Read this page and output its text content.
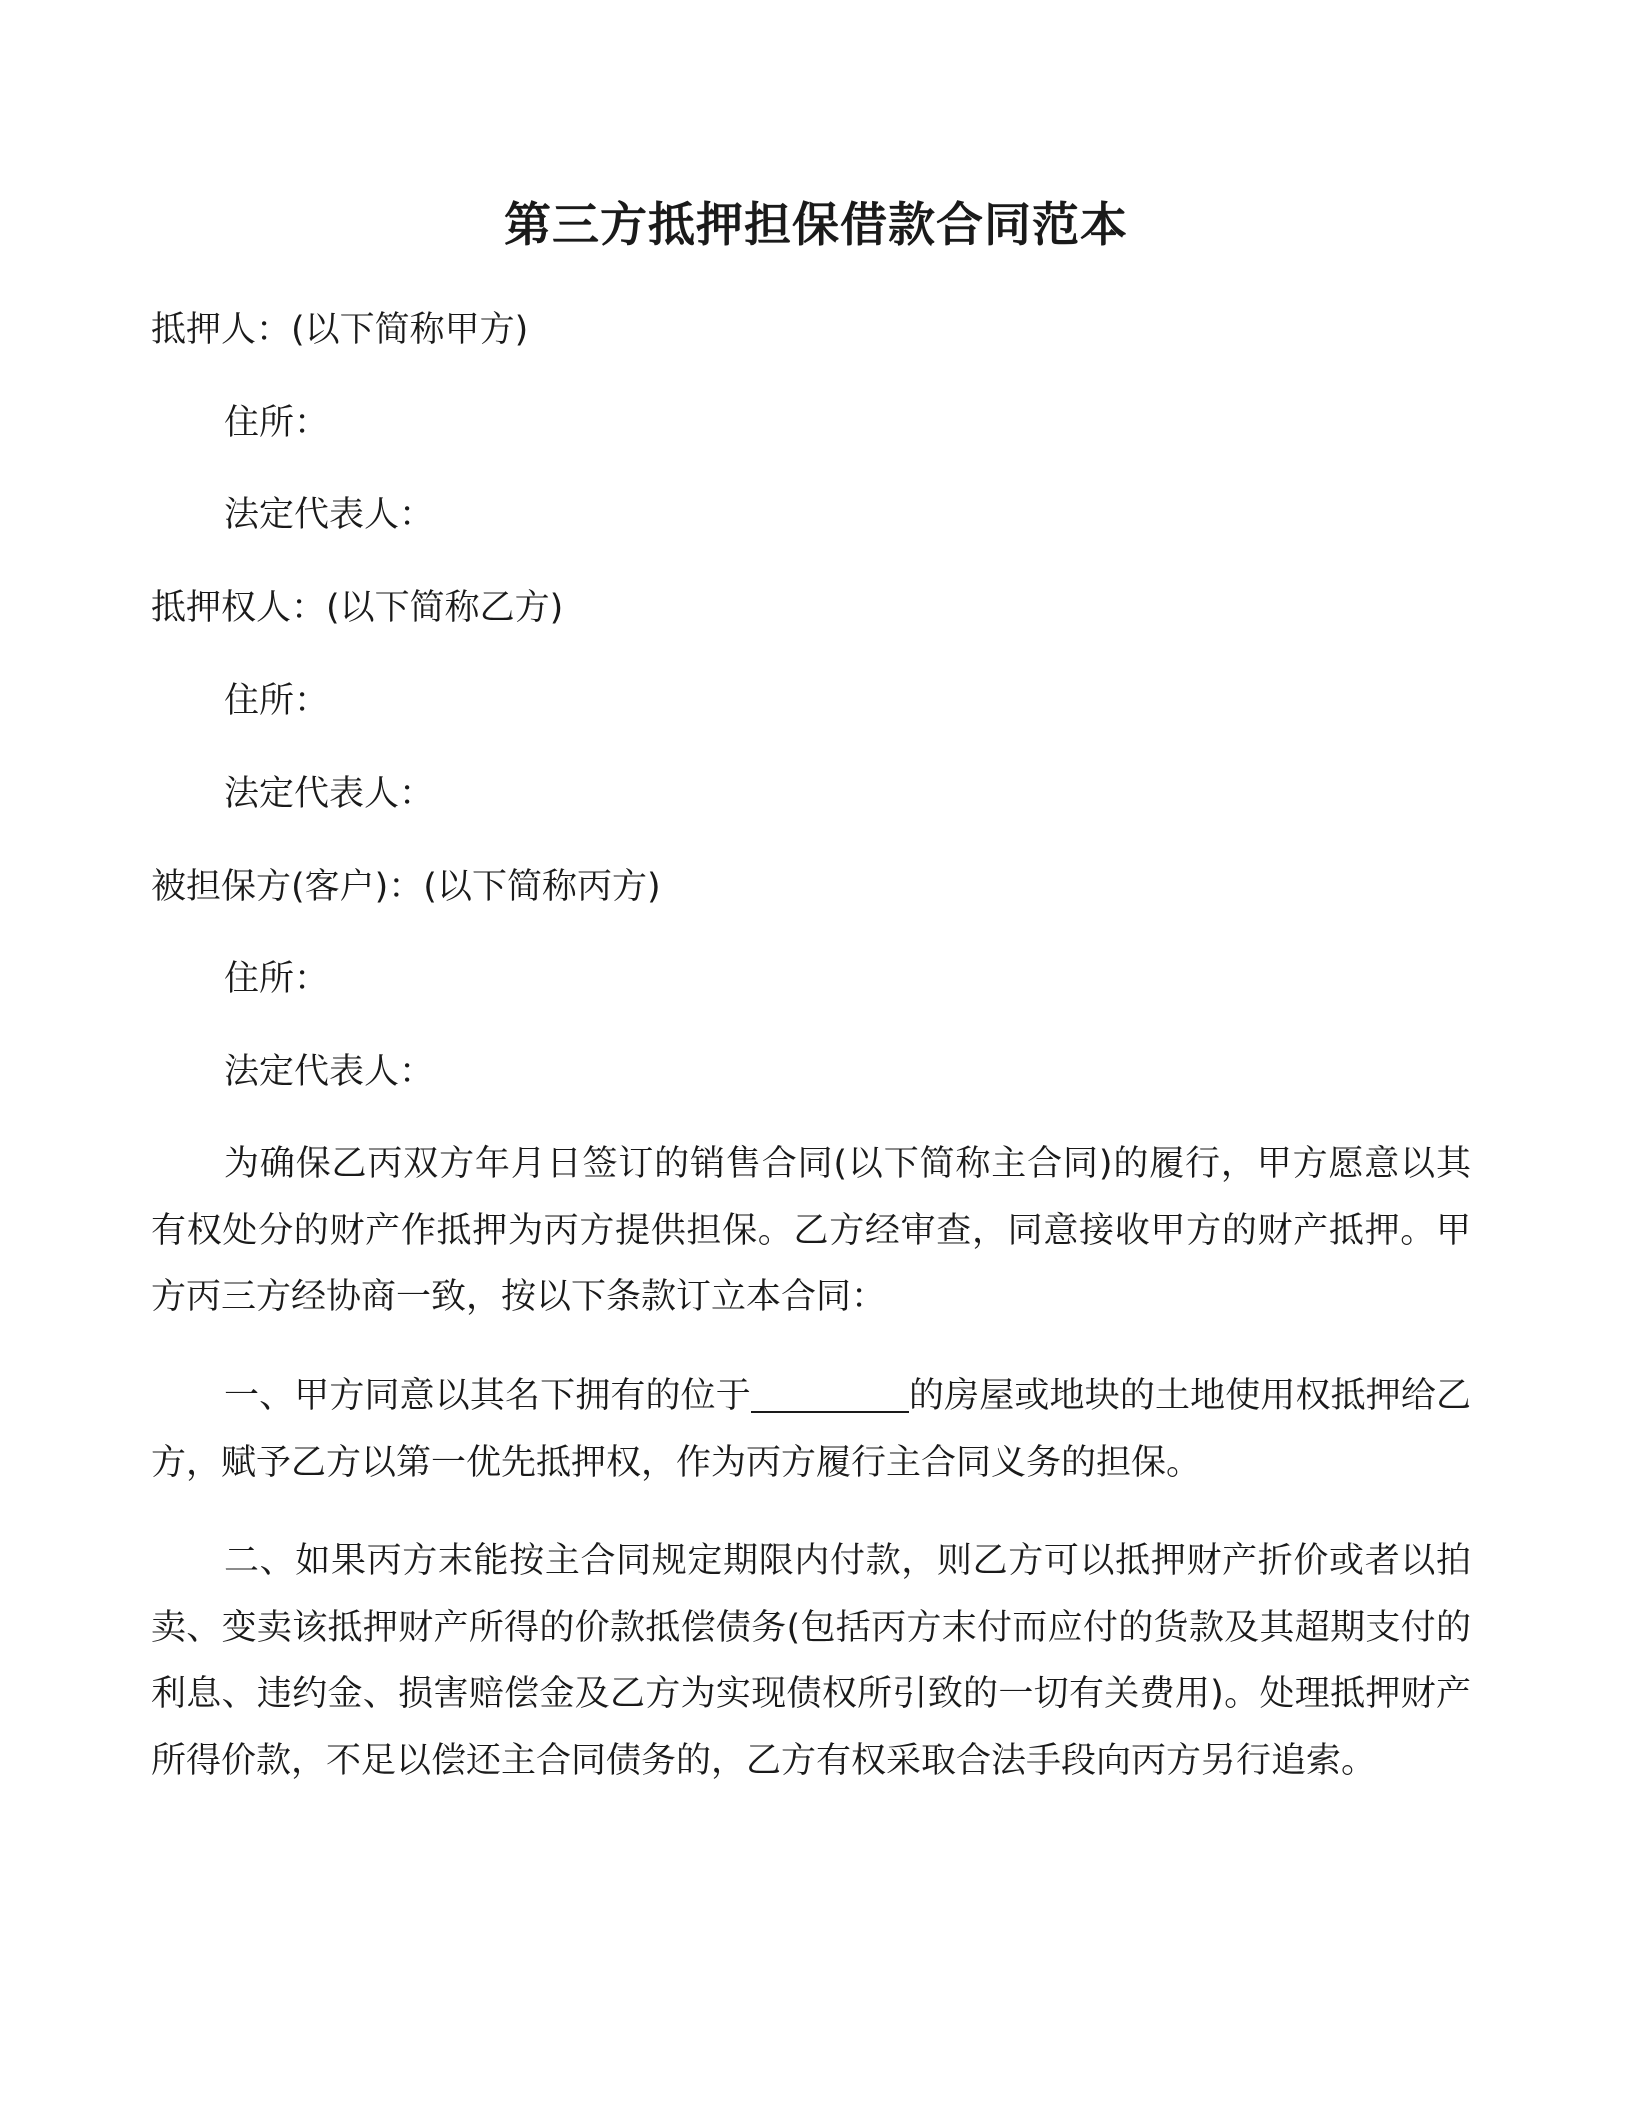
第三方抵押担保借款合同范本
抵押人：(以下简称甲方)
住所：
法定代表人：
抵押权人：(以下简称乙方)
住所：
法定代表人：
被担保方(客户)：(以下简称丙方)
住所：
法定代表人：
为确保乙丙双方年月日签订的销售合同(以下简称主合同)的履行，甲方愿意以其有权处分的财产作抵押为丙方提供担保。乙方经审查，同意接收甲方的财产抵押。甲方丙三方经协商一致，按以下条款订立本合同：
一、甲方同意以其名下拥有的位于	的房屋或地块的土地使用权抵押给乙方，赋予乙方以第一优先抵押权，作为丙方履行主合同义务的担保。
二、如果丙方末能按主合同规定期限内付款，则乙方可以抵押财产折价或者以拍卖、变卖该抵押财产所得的价款抵偿债务(包括丙方末付而应付的货款及其超期支付的利息、违约金、损害赔偿金及乙方为实现债权所引致的一切有关费用)。处理抵押财产所得价款，不足以偿还主合同债务的，乙方有权采取合法手段向丙方另行追索。
